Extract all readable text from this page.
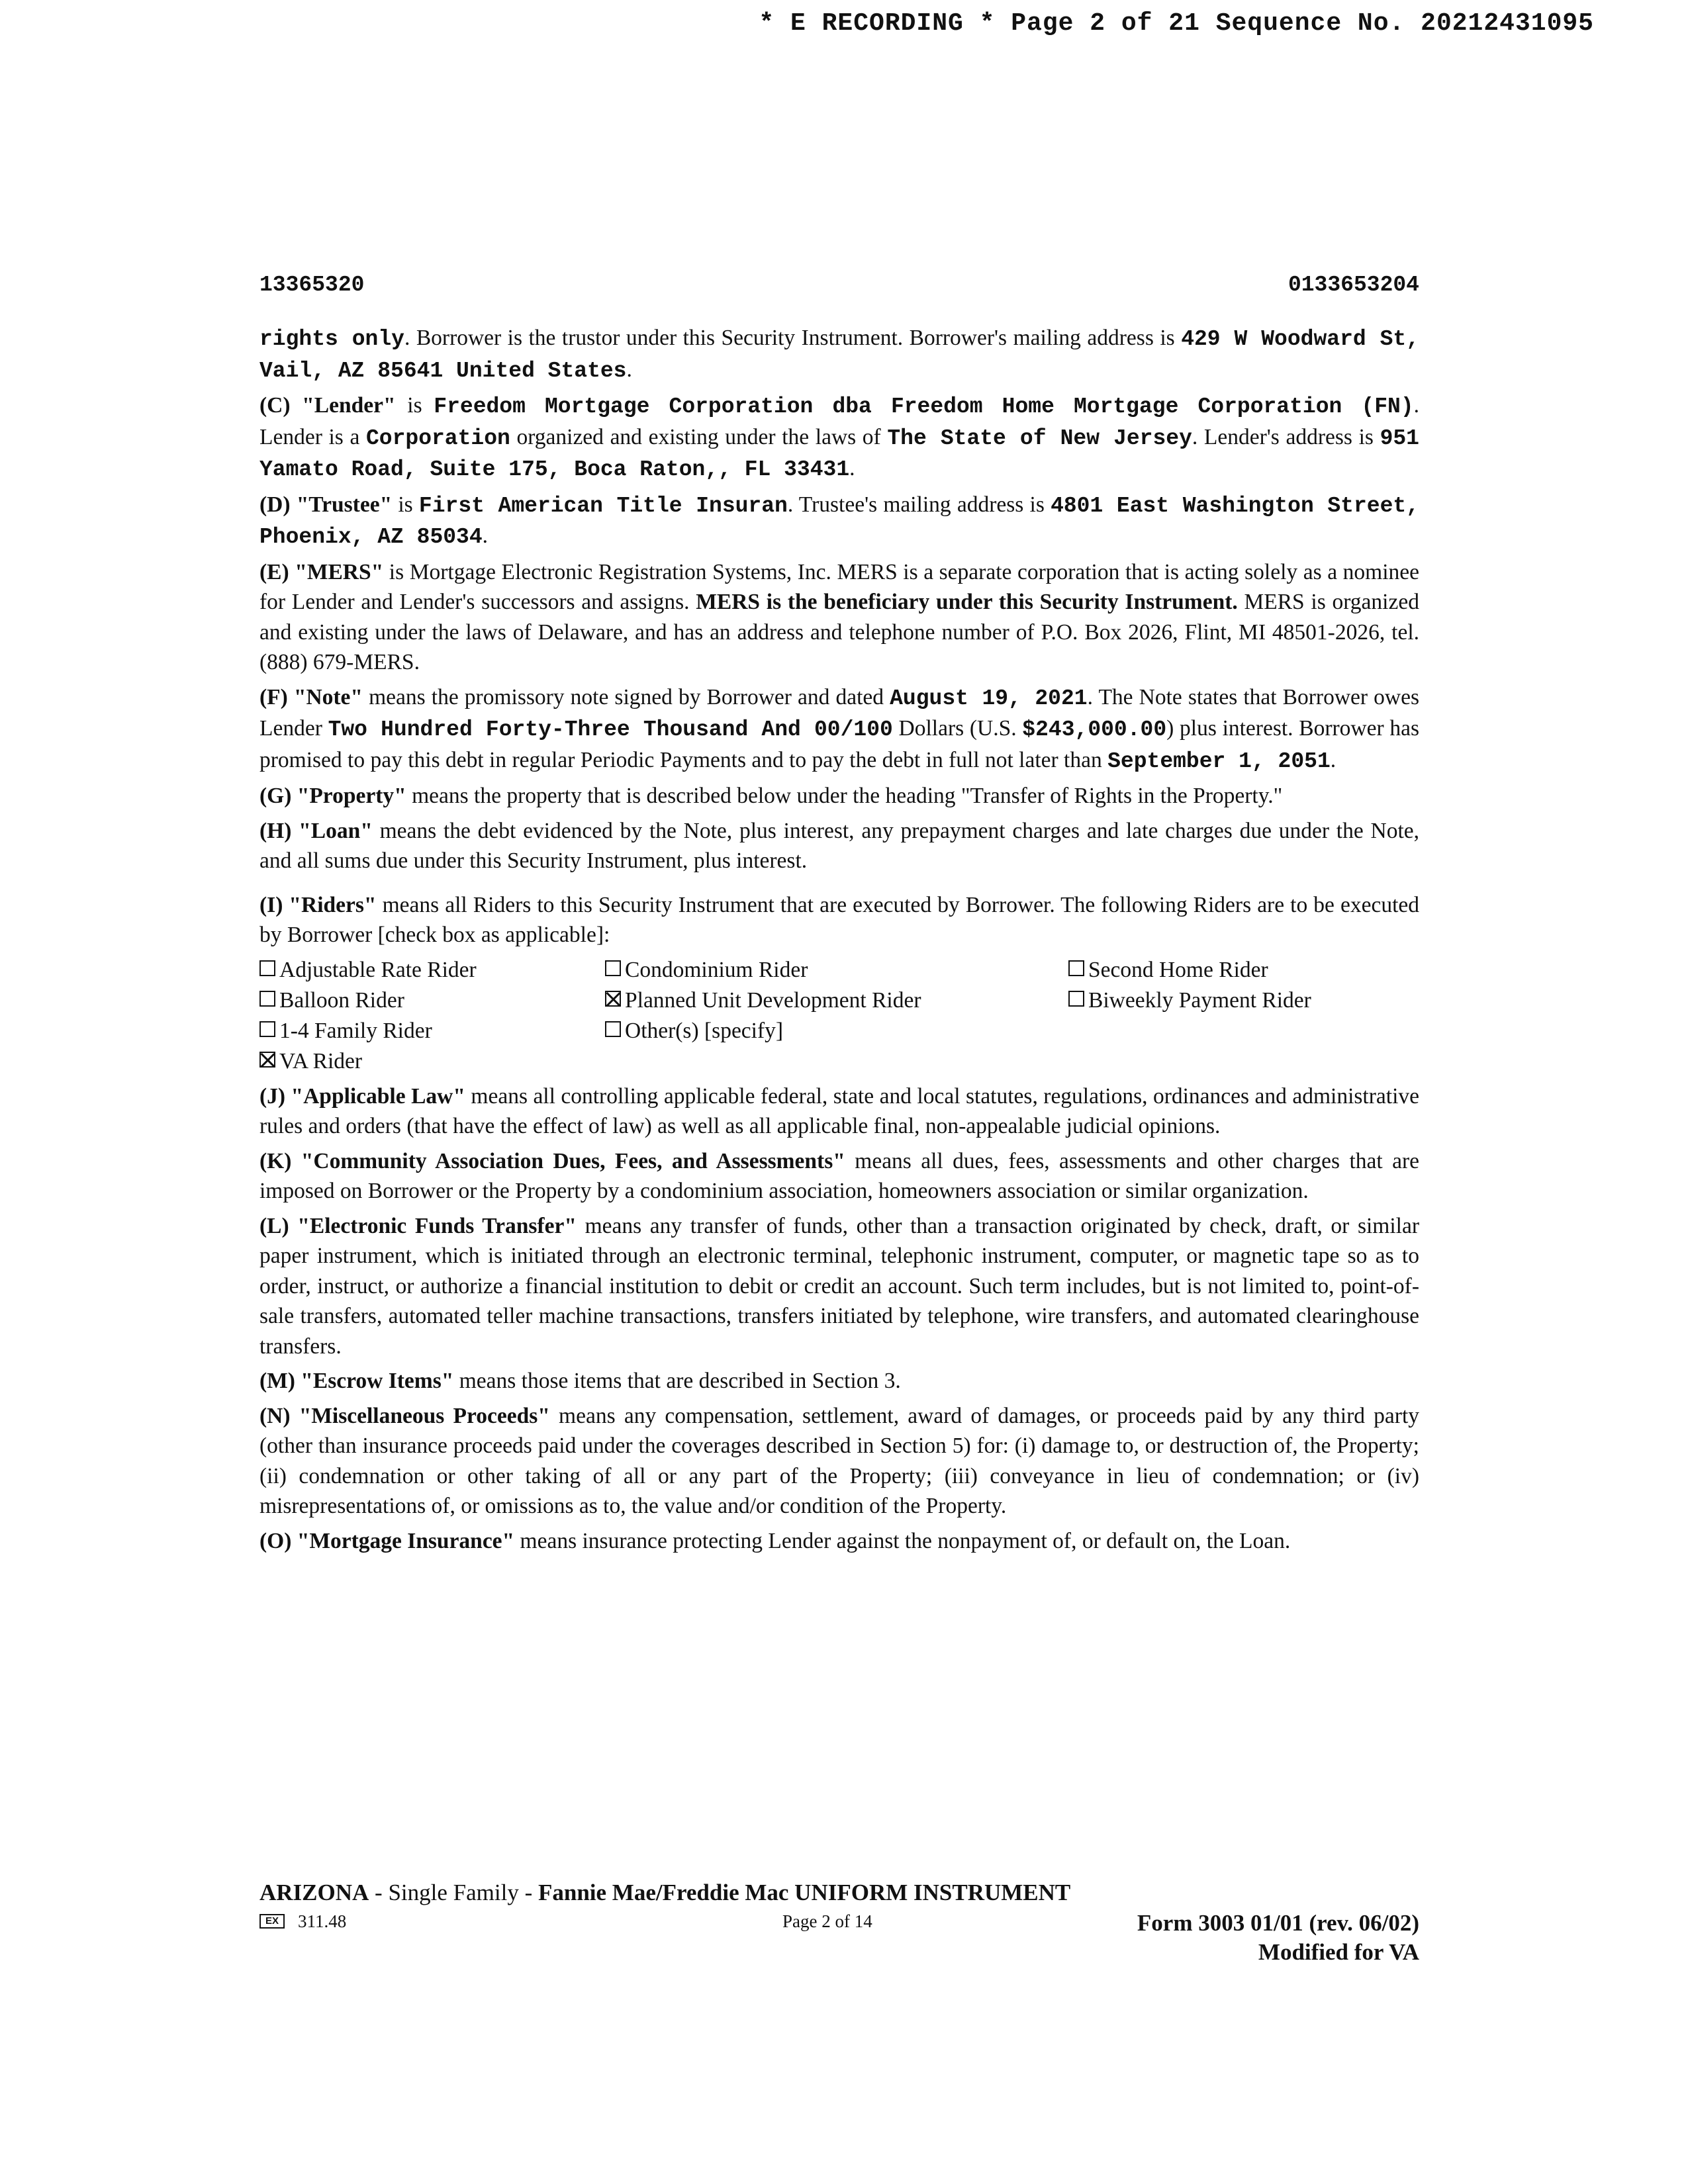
* E RECORDING * Page 2 of 21 Sequence No. 20212431095
13365320	0133653204

rights only. Borrower is the trustor under this Security Instrument. Borrower's mailing address is 429 W Woodward St, Vail, AZ 85641 United States.

(C) "Lender" is Freedom Mortgage Corporation dba Freedom Home Mortgage Corporation (FN). Lender is a Corporation organized and existing under the laws of The State of New Jersey. Lender's address is 951 Yamato Road, Suite 175, Boca Raton,, FL 33431.

(D) "Trustee" is First American Title Insuran. Trustee's mailing address is 4801 East Washington Street, Phoenix, AZ 85034.

(E) "MERS" is Mortgage Electronic Registration Systems, Inc. MERS is a separate corporation that is acting solely as a nominee for Lender and Lender's successors and assigns. MERS is the beneficiary under this Security Instrument. MERS is organized and existing under the laws of Delaware, and has an address and telephone number of P.O. Box 2026, Flint, MI 48501-2026, tel. (888) 679-MERS.

(F) "Note" means the promissory note signed by Borrower and dated August 19, 2021. The Note states that Borrower owes Lender Two Hundred Forty-Three Thousand And 00/100 Dollars (U.S. $243,000.00) plus interest. Borrower has promised to pay this debt in regular Periodic Payments and to pay the debt in full not later than September 1, 2051.

(G) "Property" means the property that is described below under the heading "Transfer of Rights in the Property."

(H) "Loan" means the debt evidenced by the Note, plus interest, any prepayment charges and late charges due under the Note, and all sums due under this Security Instrument, plus interest.

(I) "Riders" means all Riders to this Security Instrument that are executed by Borrower. The following Riders are to be executed by Borrower [check box as applicable]:

Adjustable Rate Rider	Condominium Rider	Second Home Rider
Balloon Rider	Planned Unit Development Rider	Biweekly Payment Rider
1-4 Family Rider	Other(s) [specify]
VA Rider

(J) "Applicable Law" means all controlling applicable federal, state and local statutes, regulations, ordinances and administrative rules and orders (that have the effect of law) as well as all applicable final, non-appealable judicial opinions.

(K) "Community Association Dues, Fees, and Assessments" means all dues, fees, assessments and other charges that are imposed on Borrower or the Property by a condominium association, homeowners association or similar organization.

(L) "Electronic Funds Transfer" means any transfer of funds, other than a transaction originated by check, draft, or similar paper instrument, which is initiated through an electronic terminal, telephonic instrument, computer, or magnetic tape so as to order, instruct, or authorize a financial institution to debit or credit an account. Such term includes, but is not limited to, point-of-sale transfers, automated teller machine transactions, transfers initiated by telephone, wire transfers, and automated clearinghouse transfers.

(M) "Escrow Items" means those items that are described in Section 3.

(N) "Miscellaneous Proceeds" means any compensation, settlement, award of damages, or proceeds paid by any third party (other than insurance proceeds paid under the coverages described in Section 5) for: (i) damage to, or destruction of, the Property; (ii) condemnation or other taking of all or any part of the Property; (iii) conveyance in lieu of condemnation; or (iv) misrepresentations of, or omissions as to, the value and/or condition of the Property.

(O) "Mortgage Insurance" means insurance protecting Lender against the nonpayment of, or default on, the Loan.

ARIZONA - Single Family - Fannie Mae/Freddie Mac UNIFORM INSTRUMENT
EX	311.48	Page 2 of 14	Form 3003 01/01 (rev. 06/02)
Modified for VA
